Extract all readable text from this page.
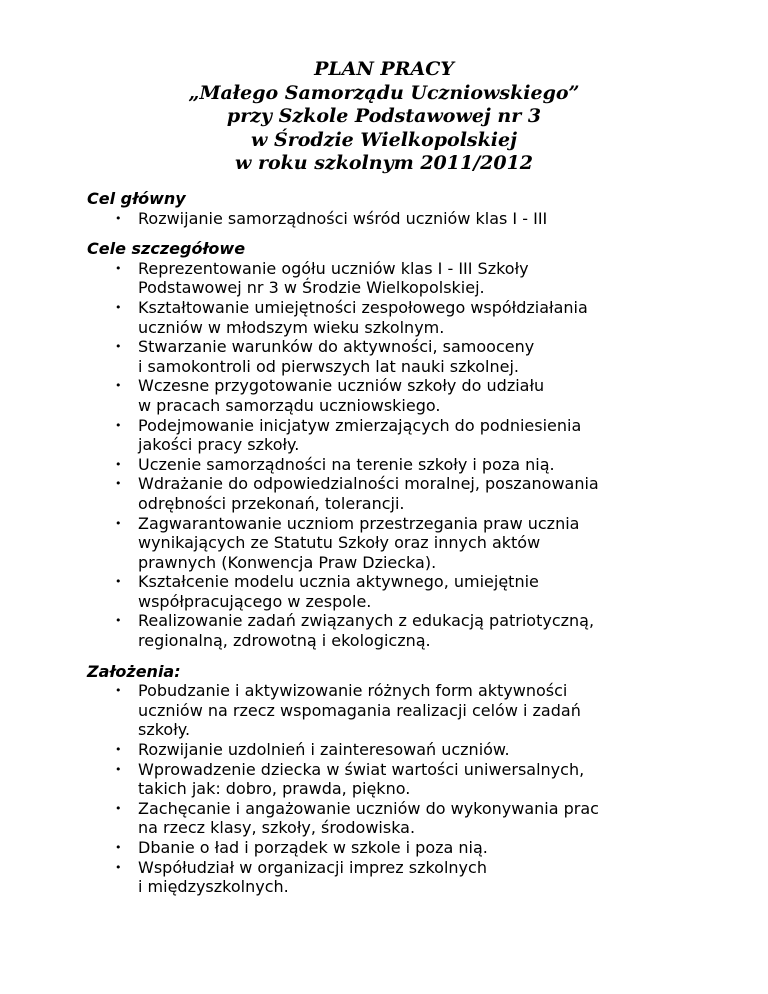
PLAN PRACY
„Małego Samorządu Uczniowskiego”
przy Szkole Podstawowej nr 3
w Środzie Wielkopolskiej
w roku szkolnym 2011/2012

Cel główny

• Rozwijanie samorządności wśród uczniów klas I - III

Cele szczegółowe

• Reprezentowanie ogółu uczniów klas I - III Szkoły
Podstawowej nr 3 w Środzie Wielkopolskiej.
• Kształtowanie umiejętności zespołowego współdziałania
uczniów w młodszym wieku szkolnym.
• Stwarzanie warunków do aktywności, samooceny
i samokontroli od pierwszych lat nauki szkolnej.
• Wczesne przygotowanie uczniów szkoły do udziału
w pracach samorządu uczniowskiego.
• Podejmowanie inicjatyw zmierzających do podniesienia
jakości pracy szkoły.
• Uczenie samorządności na terenie szkoły i poza nią.
• Wdrażanie do odpowiedzialności moralnej, poszanowania
odrębności przekonań, tolerancji.
• Zagwarantowanie uczniom przestrzegania praw ucznia
wynikających ze Statutu Szkoły oraz innych aktów
prawnych (Konwencja Praw Dziecka).
• Kształcenie modelu ucznia aktywnego, umiejętnie
współpracującego w zespole.
• Realizowanie zadań związanych z edukacją patriotyczną,
regionalną, zdrowotną i ekologiczną.

Założenia:

• Pobudzanie i aktywizowanie różnych form aktywności
uczniów na rzecz wspomagania realizacji celów i zadań
szkoły.
• Rozwijanie uzdolnień i zainteresowań uczniów.
• Wprowadzenie dziecka w świat wartości uniwersalnych,
takich jak: dobro, prawda, piękno.
• Zachęcanie i angażowanie uczniów do wykonywania prac
na rzecz klasy, szkoły, środowiska.
• Dbanie o ład i porządek w szkole i poza nią.
• Współudział w organizacji imprez szkolnych
i międzyszkolnych.
